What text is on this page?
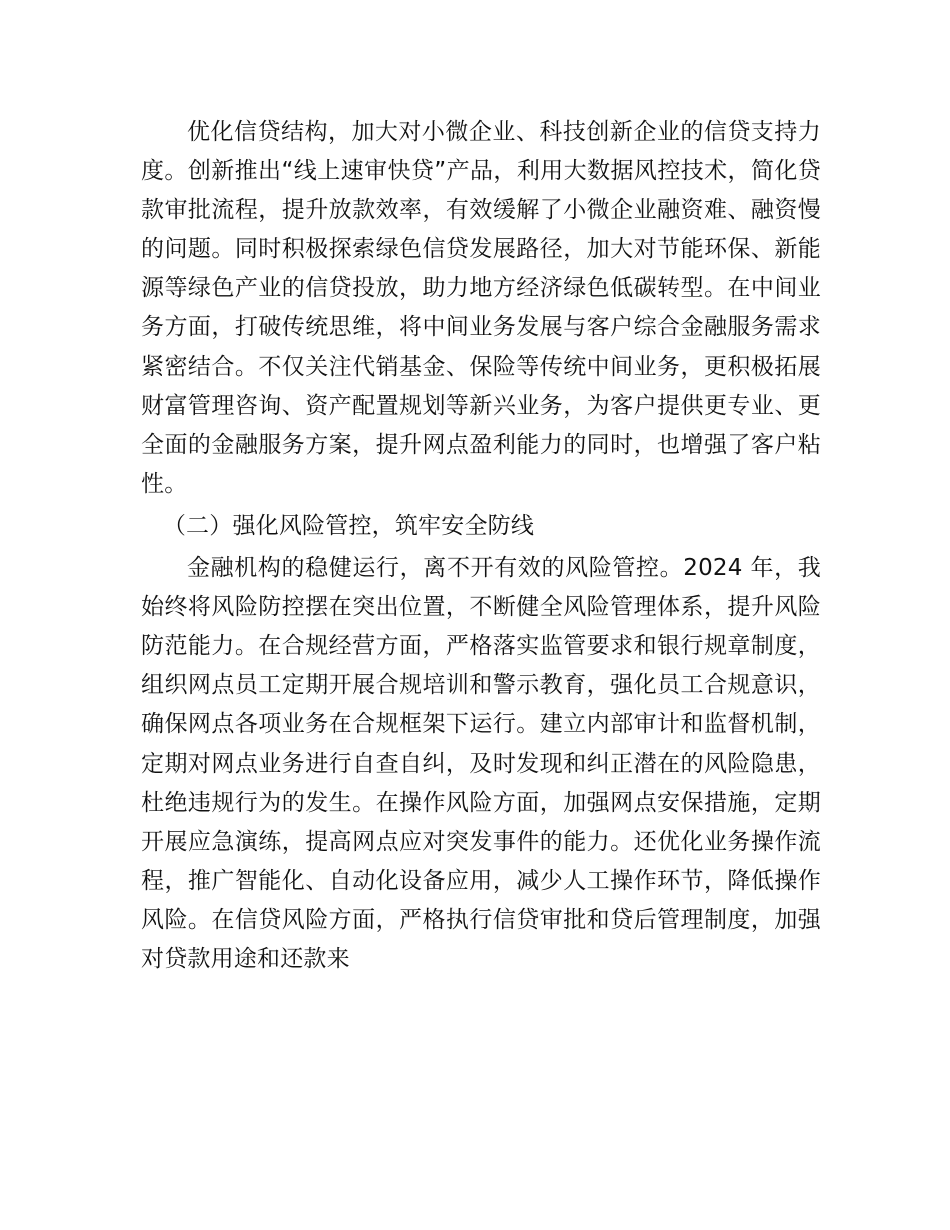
优化信贷结构，加大对小微企业、科技创新企业的信贷支持力度。创新推出“线上速审快贷”产品，利用大数据风控技术，简化贷款审批流程，提升放款效率，有效缓解了小微企业融资难、融资慢的问题。同时积极探索绿色信贷发展路径，加大对节能环保、新能源等绿色产业的信贷投放，助力地方经济绿色低碳转型。在中间业务方面，打破传统思维，将中间业务发展与客户综合金融服务需求紧密结合。不仅关注代销基金、保险等传统中间业务，更积极拓展财富管理咨询、资产配置规划等新兴业务，为客户提供更专业、更全面的金融服务方案，提升网点盈利能力的同时，也增强了客户粘性。

（二）强化风险管控，筑牢安全防线

金融机构的稳健运行，离不开有效的风险管控。2024 年，我始终将风险防控摆在突出位置，不断健全风险管理体系，提升风险防范能力。在合规经营方面，严格落实监管要求和银行规章制度，组织网点员工定期开展合规培训和警示教育，强化员工合规意识，确保网点各项业务在合规框架下运行。建立内部审计和监督机制，定期对网点业务进行自查自纠，及时发现和纠正潜在的风险隐患，杜绝违规行为的发生。在操作风险方面，加强网点安保措施，定期开展应急演练，提高网点应对突发事件的能力。还优化业务操作流程，推广智能化、自动化设备应用，减少人工操作环节，降低操作风险。在信贷风险方面，严格执行信贷审批和贷后管理制度，加强对贷款用途和还款来
